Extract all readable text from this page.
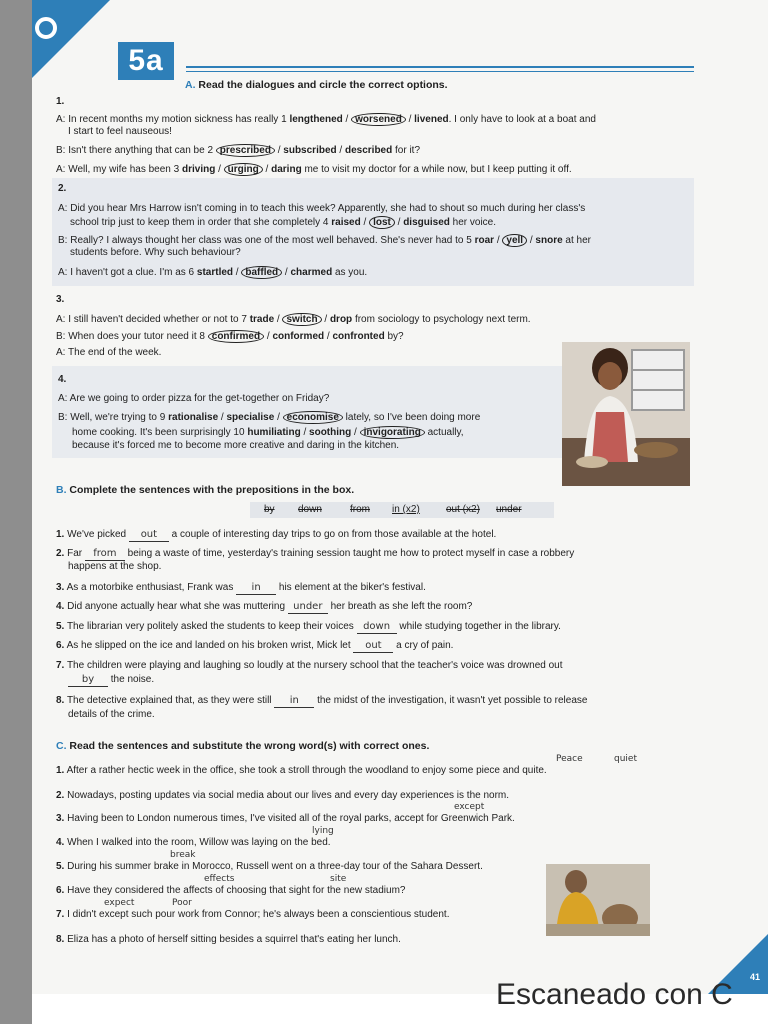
5a
A. Read the dialogues and circle the correct options.
1.
A: In recent months my motion sickness has really 1 lengthened / worsened / livened. I only have to look at a boat and
I start to feel nauseous!
B: Isn't there anything that can be 2 prescribed / subscribed / described for it?
A: Well, my wife has been 3 driving / urging / daring me to visit my doctor for a while now, but I keep putting it off.
2.
A: Did you hear Mrs Harrow isn't coming in to teach this week? Apparently, she had to shout so much during her class's
school trip just to keep them in order that she completely 4 raised / lost / disguised her voice.
B: Really? I always thought her class was one of the most well behaved. She's never had to 5 roar / yell / snore at her
students before. Why such behaviour?
A: I haven't got a clue. I'm as 6 startled / baffled / charmed as you.
3.
A: I still haven't decided whether or not to 7 trade / switch / drop from sociology to psychology next term.
B: When does your tutor need it 8 confirmed / conformed / confronted by?
A: The end of the week.
4.
A: Are we going to order pizza for the get-together on Friday?
B: Well, we're trying to 9 rationalise / specialise / economise lately, so I've been doing more
home cooking. It's been surprisingly 10 humiliating / soothing / invigorating actually,
because it's forced me to become more creative and daring in the kitchen.
B. Complete the sentences with the prepositions in the box.
by down	from in (x2)	out (x2) under
1. We've picked out a couple of interesting day trips to go on from those available at the hotel.
2. Far from being a waste of time, yesterday's training session taught me how to protect myself in case a robbery
happens at the shop.
3. As a motorbike enthusiast, Frank was in his element at the biker's festival.
4. Did anyone actually hear what she was muttering under her breath as she left the room?
5. The librarian very politely asked the students to keep their voices down while studying together in the library.
6. As he slipped on the ice and landed on his broken wrist, Mick let out a cry of pain.
7. The children were playing and laughing so loudly at the nursery school that the teacher's voice was drowned out
by the noise.
8. The detective explained that, as they were still in the midst of the investigation, it wasn't yet possible to release
details of the crime.
C. Read the sentences and substitute the wrong word(s) with correct ones.
1. After a rather hectic week in the office, she took a stroll through the woodland to enjoy some piece and quite.
Peace	quiet
2. Nowadays, posting updates via social media about our lives and every day experiences is the norm.
3. Having been to London numerous times, I've visited all of the royal parks, accept for Greenwich Park.
except
4. When I walked into the room, Willow was laying on the bed.
lying
5. During his summer brake in Morocco, Russell went on a three-day tour of the Sahara Dessert.
break
6. Have they considered the affects of choosing that sight for the new stadium?
effects	site
7. I didn't except such pour work from Connor; he's always been a conscientious student.
expect	Poor
8. Eliza has a photo of herself sitting besides a squirrel that's eating her lunch.
41
Escaneado con C
